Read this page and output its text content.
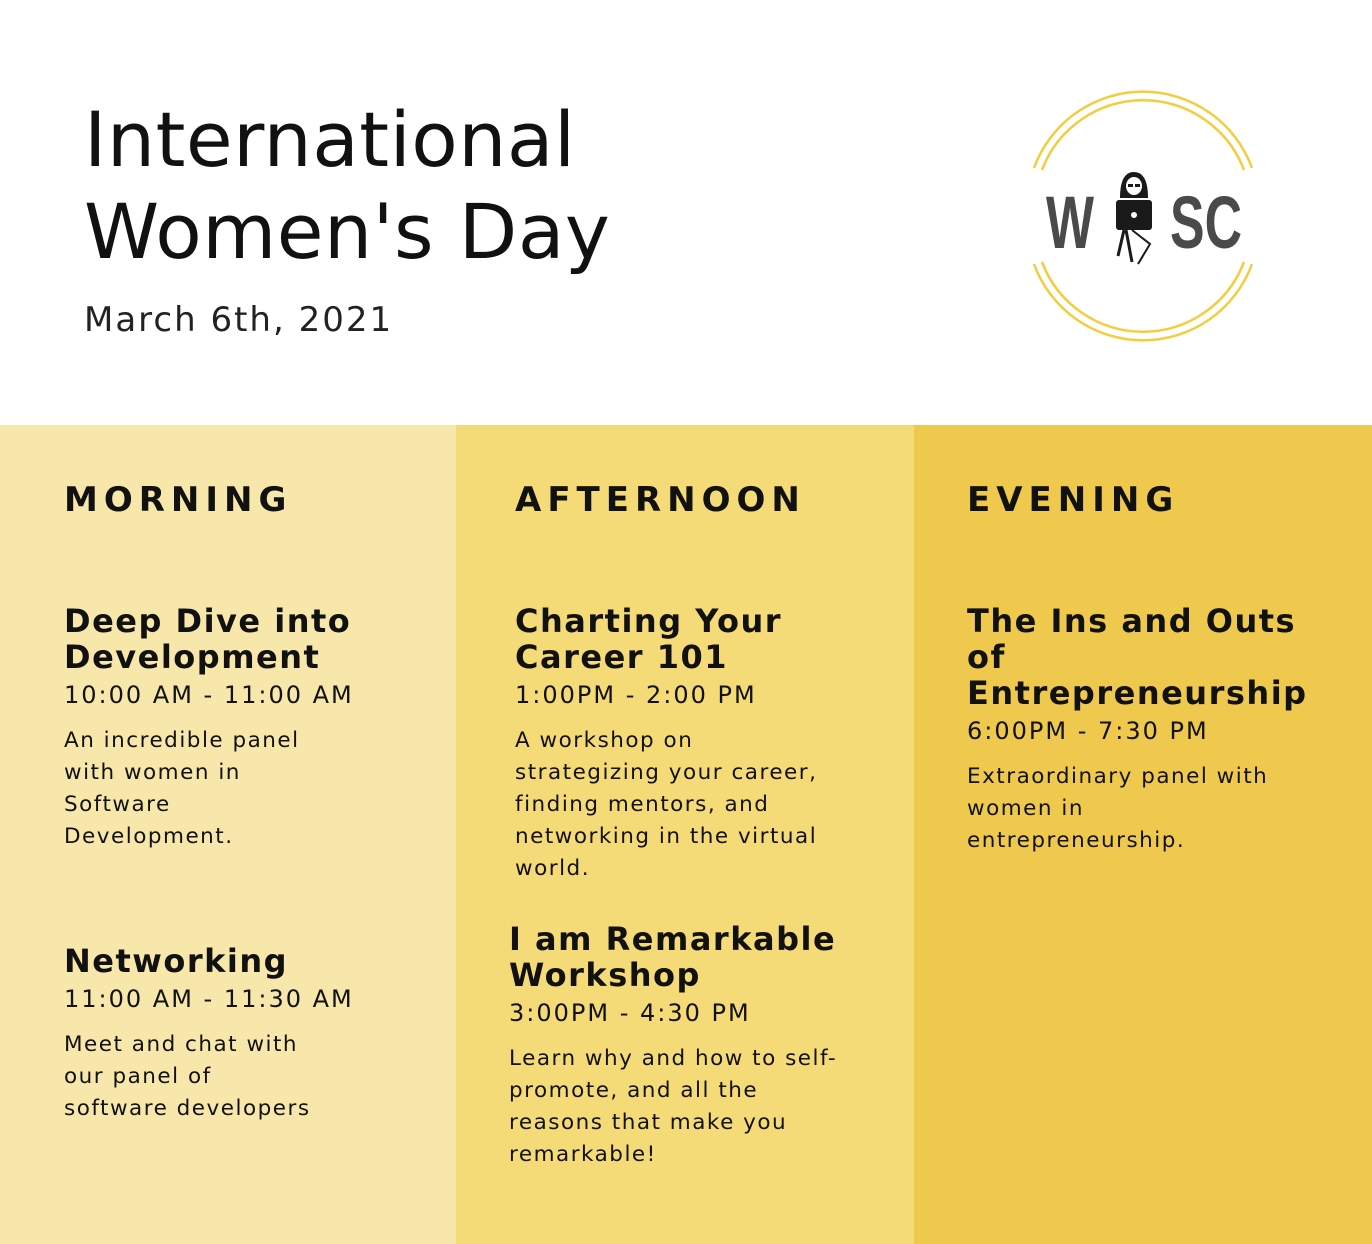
International
Women's Day
March 6th, 2021
W SC
MORNING
Deep Dive into
Development
10:00 AM - 11:00 AM
An incredible panel
with women in
Software
Development.
Networking
11:00 AM - 11:30 AM
Meet and chat with
our panel of
software developers
AFTERNOON
Charting Your
Career 101
1:00PM - 2:00 PM
A workshop on
strategizing your career,
finding mentors, and
networking in the virtual
world.
I am Remarkable
Workshop
3:00PM - 4:30 PM
Learn why and how to self-
promote, and all the
reasons that make you
remarkable!
EVENING
The Ins and Outs
of
Entrepreneurship
6:00PM - 7:30 PM
Extraordinary panel with
women in
entrepreneurship.
